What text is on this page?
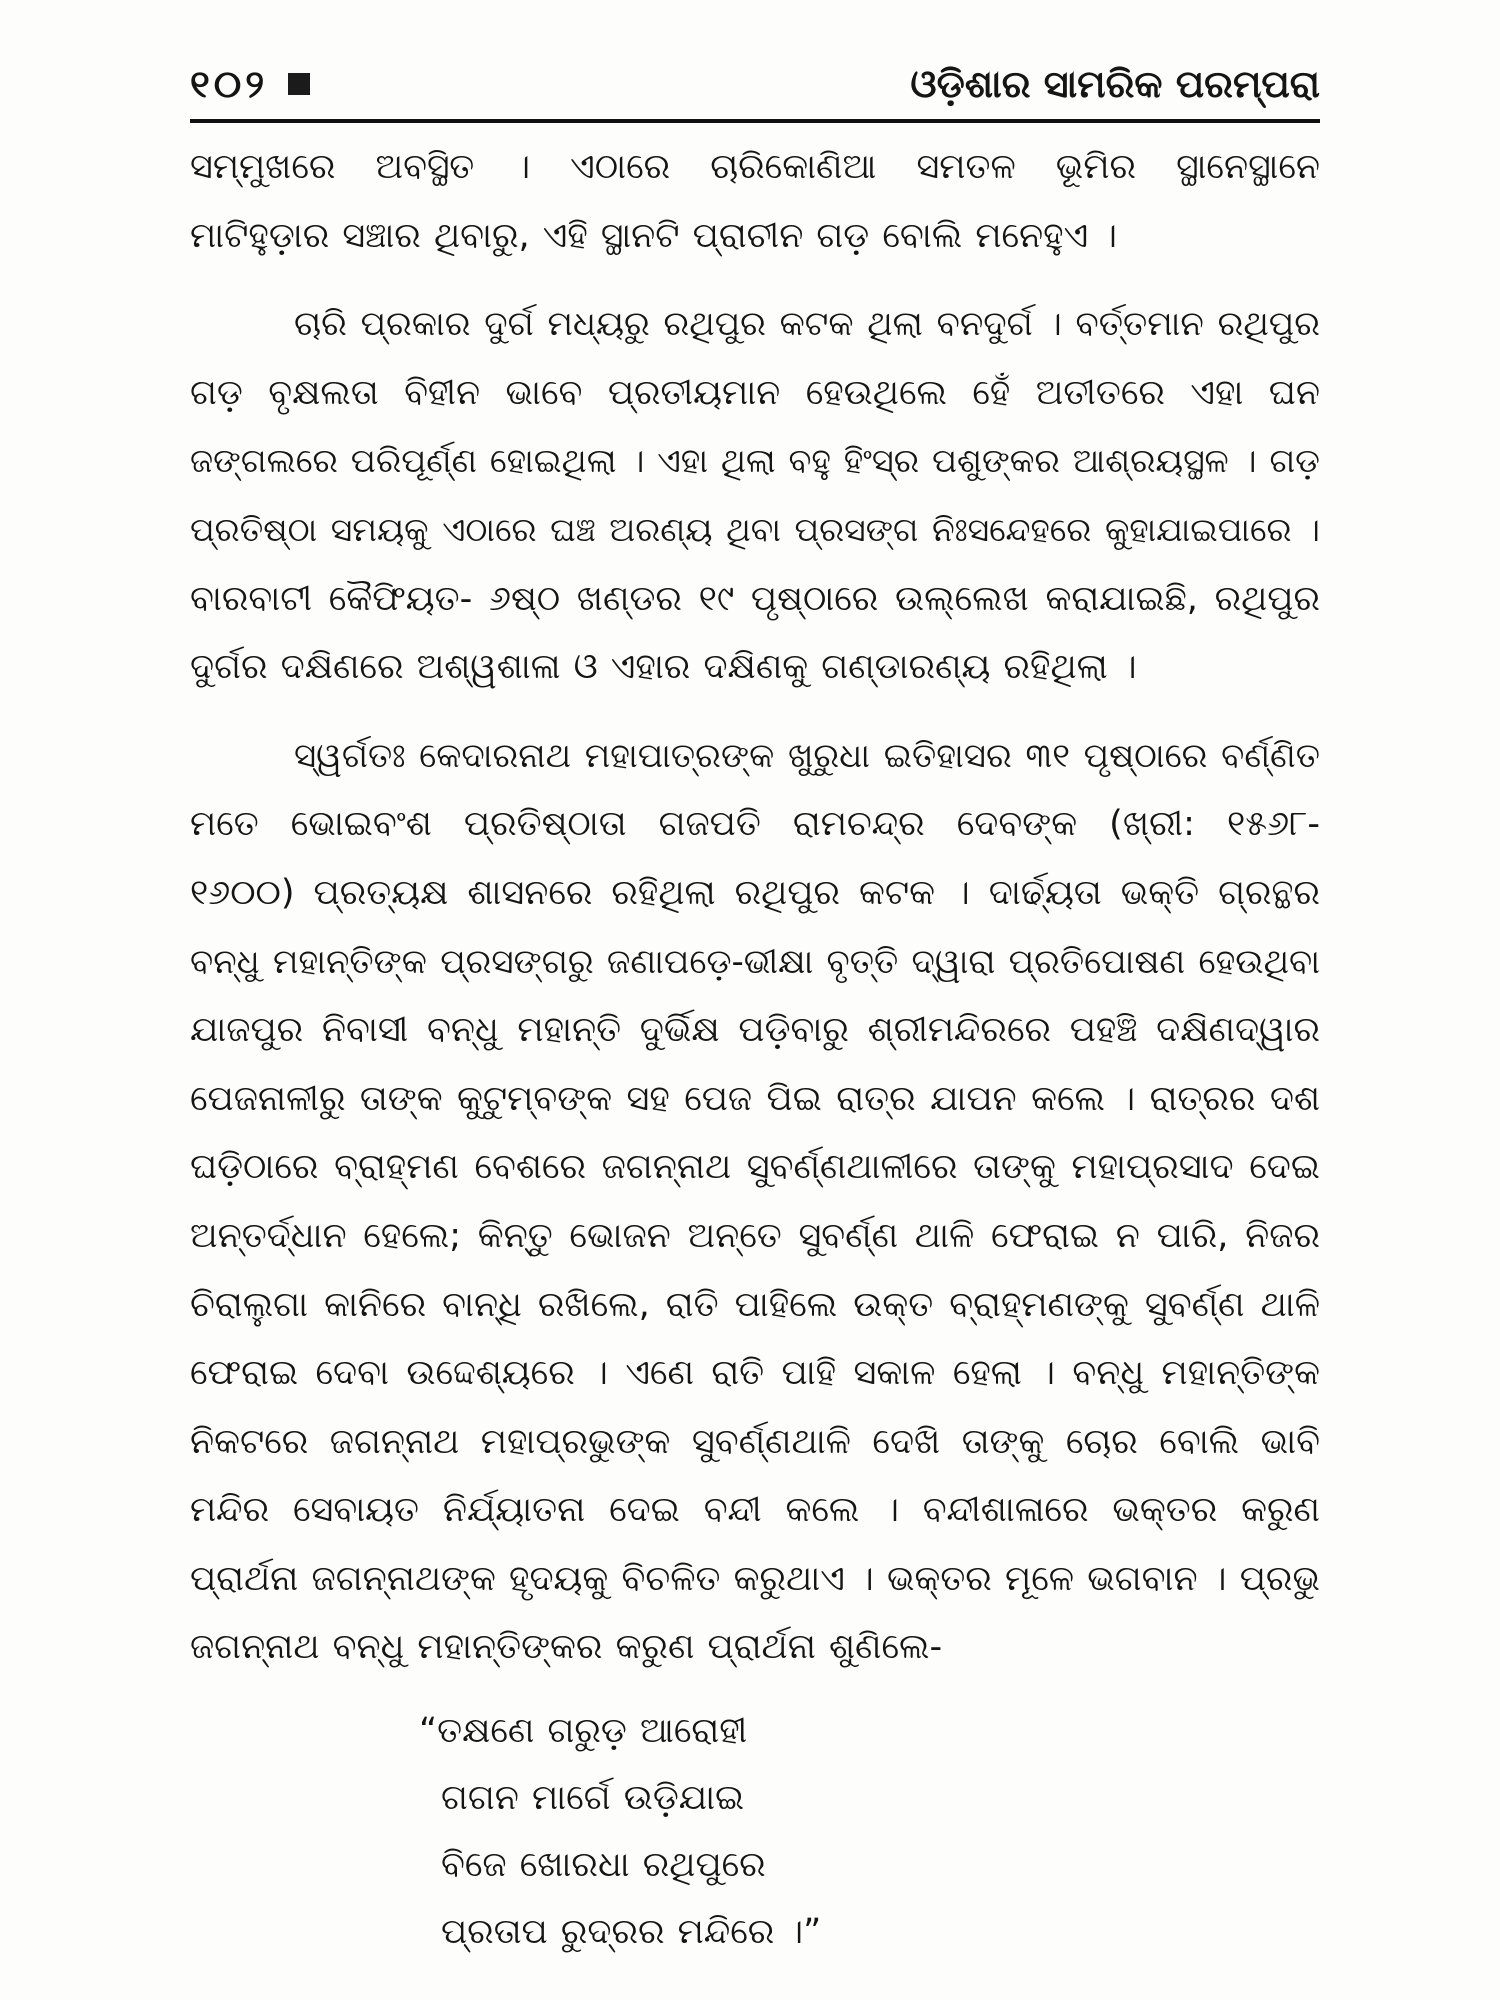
୧୦୨	ଓଡ଼ିଶାର ସାମରିକ ପରମ୍ପରା
ସମ୍ମୁଖରେ ଅବସ୍ଥିତ । ଏଠାରେ ଚାରିକୋଣିଆ ସମତଳ ଭୂମିର ସ୍ଥାନେସ୍ଥାନେ
ମାଟିହୁଡ଼ାର ସଞ୍ଚାର ଥିବାରୁ, ଏହି ସ୍ଥାନଟି ପ୍ରାଚୀନ ଗଡ଼ ବୋଲି ମନେହୁଏ ।
ଚାରି ପ୍ରକାର ଦୁର୍ଗ ମଧ୍ୟରୁ ରଥିପୁର କଟକ ଥିଲା ବନଦୁର୍ଗ । ବର୍ତ୍ତମାନ ରଥିପୁର
ଗଡ଼ ବୃକ୍ଷଲତା ବିହୀନ ଭାବେ ପ୍ରତୀୟମାନ ହେଉଥିଲେ ହେଁ ଅତୀତରେ ଏହା ଘନ
ଜଙ୍ଗଲରେ ପରିପୂର୍ଣ୍ଣ ହୋଇଥିଲା । ଏହା ଥିଲା ବହୁ ହିଂସ୍ର ପଶୁଙ୍କର ଆଶ୍ରୟସ୍ଥଳ । ଗଡ଼
ପ୍ରତିଷ୍ଠା ସମୟକୁ ଏଠାରେ ଘଞ୍ଚ ଅରଣ୍ୟ ଥିବା ପ୍ରସଙ୍ଗ ନିଃସନ୍ଦେହରେ କୁହାଯାଇପାରେ ।
ବାରବାଟୀ କୈଫିୟତ- ୬ଷ୍ଠ ଖଣ୍ଡର ୧୯ ପୃଷ୍ଠାରେ ଉଲ୍ଲେଖ କରାଯାଇଛି, ରଥିପୁର
ଦୁର୍ଗର ଦକ୍ଷିଣରେ ଅଶ୍ୱଶାଳା ଓ ଏହାର ଦକ୍ଷିଣକୁ ଗଣ୍ଡାରଣ୍ୟ ରହିଥିଲା ।
ସ୍ୱର୍ଗତଃ କେଦାରନାଥ ମହାପାତ୍ରଙ୍କ ଖୁରୁଧା ଇତିହାସର ୩୧ ପୃଷ୍ଠାରେ ବର୍ଣ୍ଣିତ
ମତେ ଭୋଇବଂଶ ପ୍ରତିଷ୍ଠାତା ଗଜପତି ରାମଚନ୍ଦ୍ର ଦେବଙ୍କ (ଖ୍ରୀ: ୧୫୬୮-
୧୬୦୦) ପ୍ରତ୍ୟକ୍ଷ ଶାସନରେ ରହିଥିଲା ରଥିପୁର କଟକ । ଦାର୍ଢ୍ୟତା ଭକ୍ତି ଗ୍ରନ୍ଥର
ବନ୍ଧୁ ମହାନ୍ତିଙ୍କ ପ୍ରସଙ୍ଗରୁ ଜଣାପଡ଼େ-ଭୀକ୍ଷା ବୃତ୍ତି ଦ୍ୱାରା ପ୍ରତିପୋଷଣ ହେଉଥିବା
ଯାଜପୁର ନିବାସୀ ବନ୍ଧୁ ମହାନ୍ତି ଦୁର୍ଭିକ୍ଷ ପଡ଼ିବାରୁ ଶ୍ରୀମନ୍ଦିରରେ ପହଞ୍ଚି ଦକ୍ଷିଣଦ୍ୱାର
ପେଜନାଳୀରୁ ତାଙ୍କ କୁଟୁମ୍ବଙ୍କ ସହ ପେଜ ପିଇ ରାତ୍ର ଯାପନ କଲେ । ରାତ୍ରର ଦଶ
ଘଡ଼ିଠାରେ ବ୍ରାହ୍ମଣ ବେଶରେ ଜଗନ୍ନାଥ ସୁବର୍ଣ୍ଣଥାଳୀରେ ତାଙ୍କୁ ମହାପ୍ରସାଦ ଦେଇ
ଅନ୍ତର୍ଦ୍ଧାନ ହେଲେ; କିନ୍ତୁ ଭୋଜନ ଅନ୍ତେ ସୁବର୍ଣ୍ଣ ଥାଳି ଫେରାଇ ନ ପାରି, ନିଜର
ଚିରାଲୁଗା କାନିରେ ବାନ୍ଧି ରଖିଲେ, ରାତି ପାହିଲେ ଉକ୍ତ ବ୍ରାହ୍ମଣଙ୍କୁ ସୁବର୍ଣ୍ଣ ଥାଳି
ଫେରାଇ ଦେବା ଉଦ୍ଦେଶ୍ୟରେ । ଏଣେ ରାତି ପାହି ସକାଳ ହେଲା । ବନ୍ଧୁ ମହାନ୍ତିଙ୍କ
ନିକଟରେ ଜଗନ୍ନାଥ ମହାପ୍ରଭୁଙ୍କ ସୁବର୍ଣ୍ଣଥାଳି ଦେଖି ତାଙ୍କୁ ଚୋର ବୋଲି ଭାବି
ମନ୍ଦିର ସେବାୟତ ନିର୍ଯ୍ୟାତନା ଦେଇ ବନ୍ଦୀ କଲେ । ବନ୍ଦୀଶାଳାରେ ଭକ୍ତର କରୁଣ
ପ୍ରାର୍ଥନା ଜଗନ୍ନାଥଙ୍କ ହୃଦୟକୁ ବିଚଳିତ କରୁଥାଏ । ଭକ୍ତର ମୂଳେ ଭଗବାନ । ପ୍ରଭୁ
ଜଗନ୍ନାଥ ବନ୍ଧୁ ମହାନ୍ତିଙ୍କର କରୁଣ ପ୍ରାର୍ଥନା ଶୁଣିଲେ-
“ତକ୍ଷଣେ ଗରୁଡ଼ ଆରୋହୀ
ଗଗନ ମାର୍ଗେ ଉଡ଼ିଯାଇ
ବିଜେ ଖୋରଧା ରଥିପୁରେ
ପ୍ରତାପ ରୁଦ୍ରର ମନ୍ଦିରେ ।”
